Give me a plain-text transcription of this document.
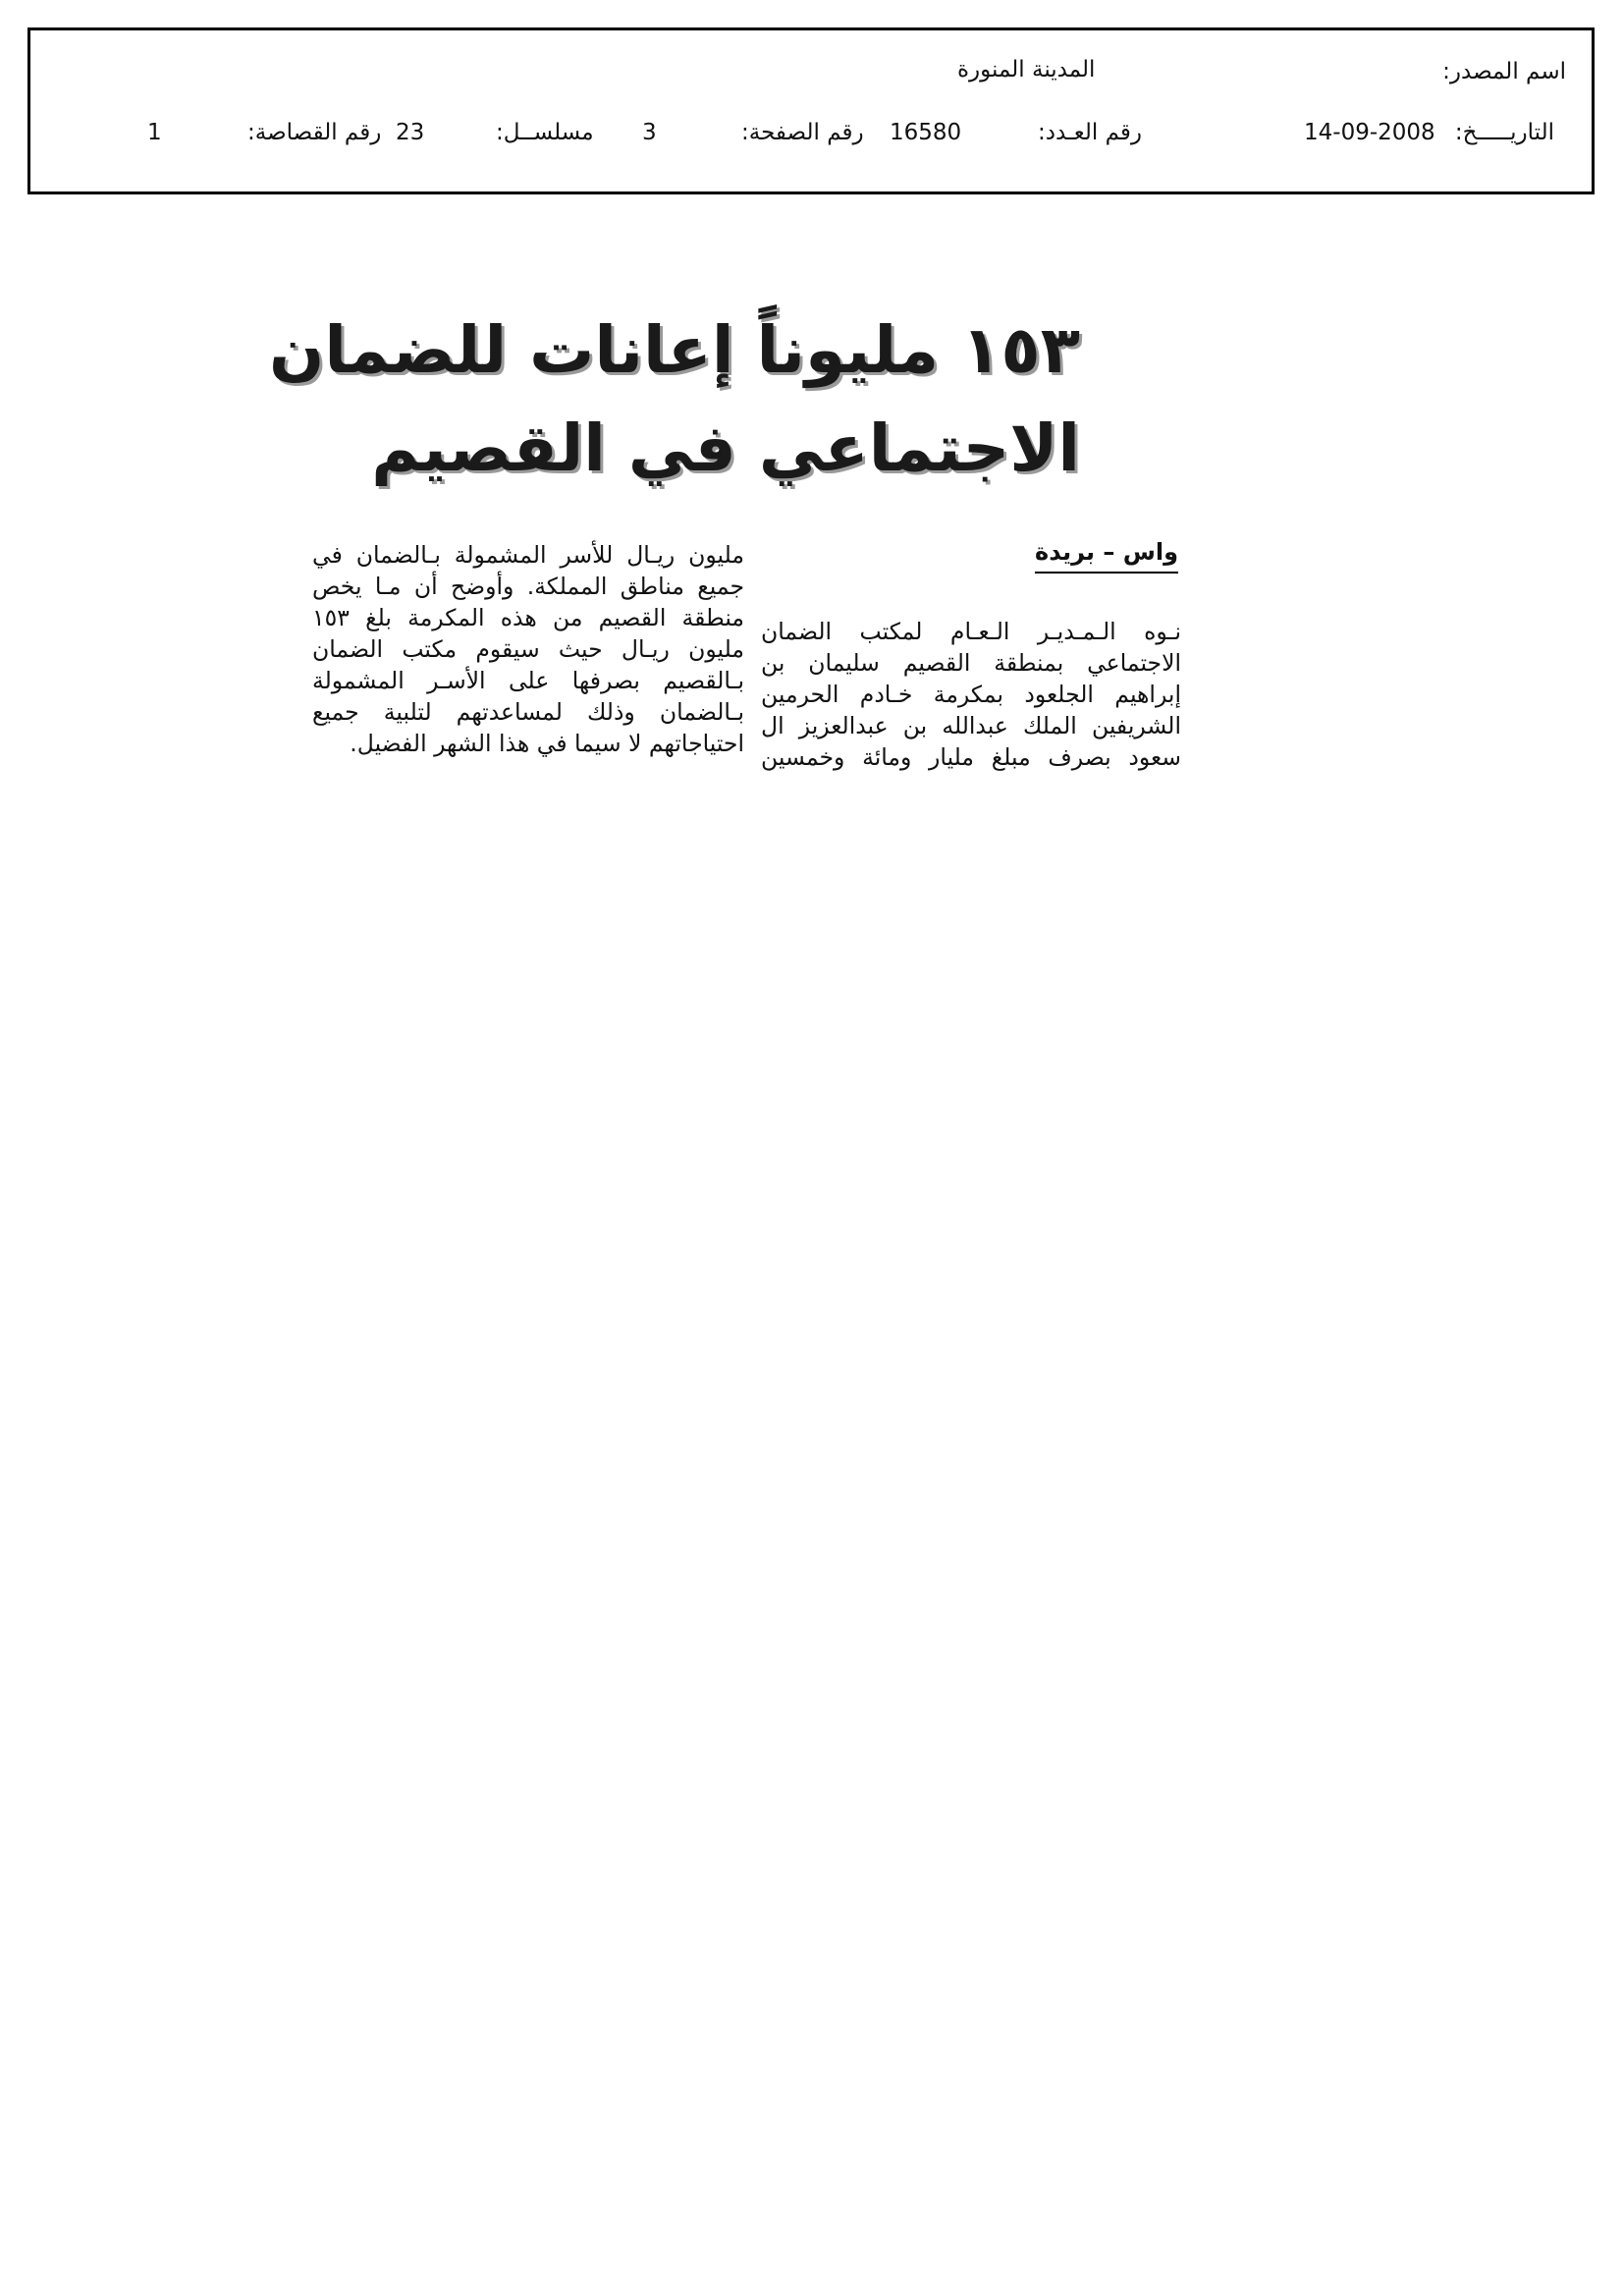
اسم المصدر:
المدينة المنورة
التاريـــــخ:
14-09-2008
رقم العـدد:
16580
رقم الصفحة:
3
مسلســل:
23
رقم القصاصة:
1
١٥٣ مليوناً إعانات للضمان
الاجتماعي في القصيم
واس – بريدة

نـوه الـمـديـر الـعـام لمكتب الضمان

الاجتماعي بمنطقة القصيم سليمان بن

إبراهيم الجلعود بمكرمة خـادم الحرمين

الشريفين الملك عبدالله بن عبدالعزيز ال

سعود بصرف مبلغ مليار ومائة وخمسين

مليون ريـال للأسر المشمولة بـالضمان في

جميع مناطق المملكة. وأوضح أن مـا يخص

منطقة القصيم من هذه المكرمة بلغ ١٥٣

مليون ريـال حيث سيقوم مكتب الضمان

بـالقصيم بصرفها على الأسـر المشمولة

بـالضمان وذلك لمساعدتهم لتلبية جميع

احتياجاتهم لا سيما في هذا الشهر الفضيل.
